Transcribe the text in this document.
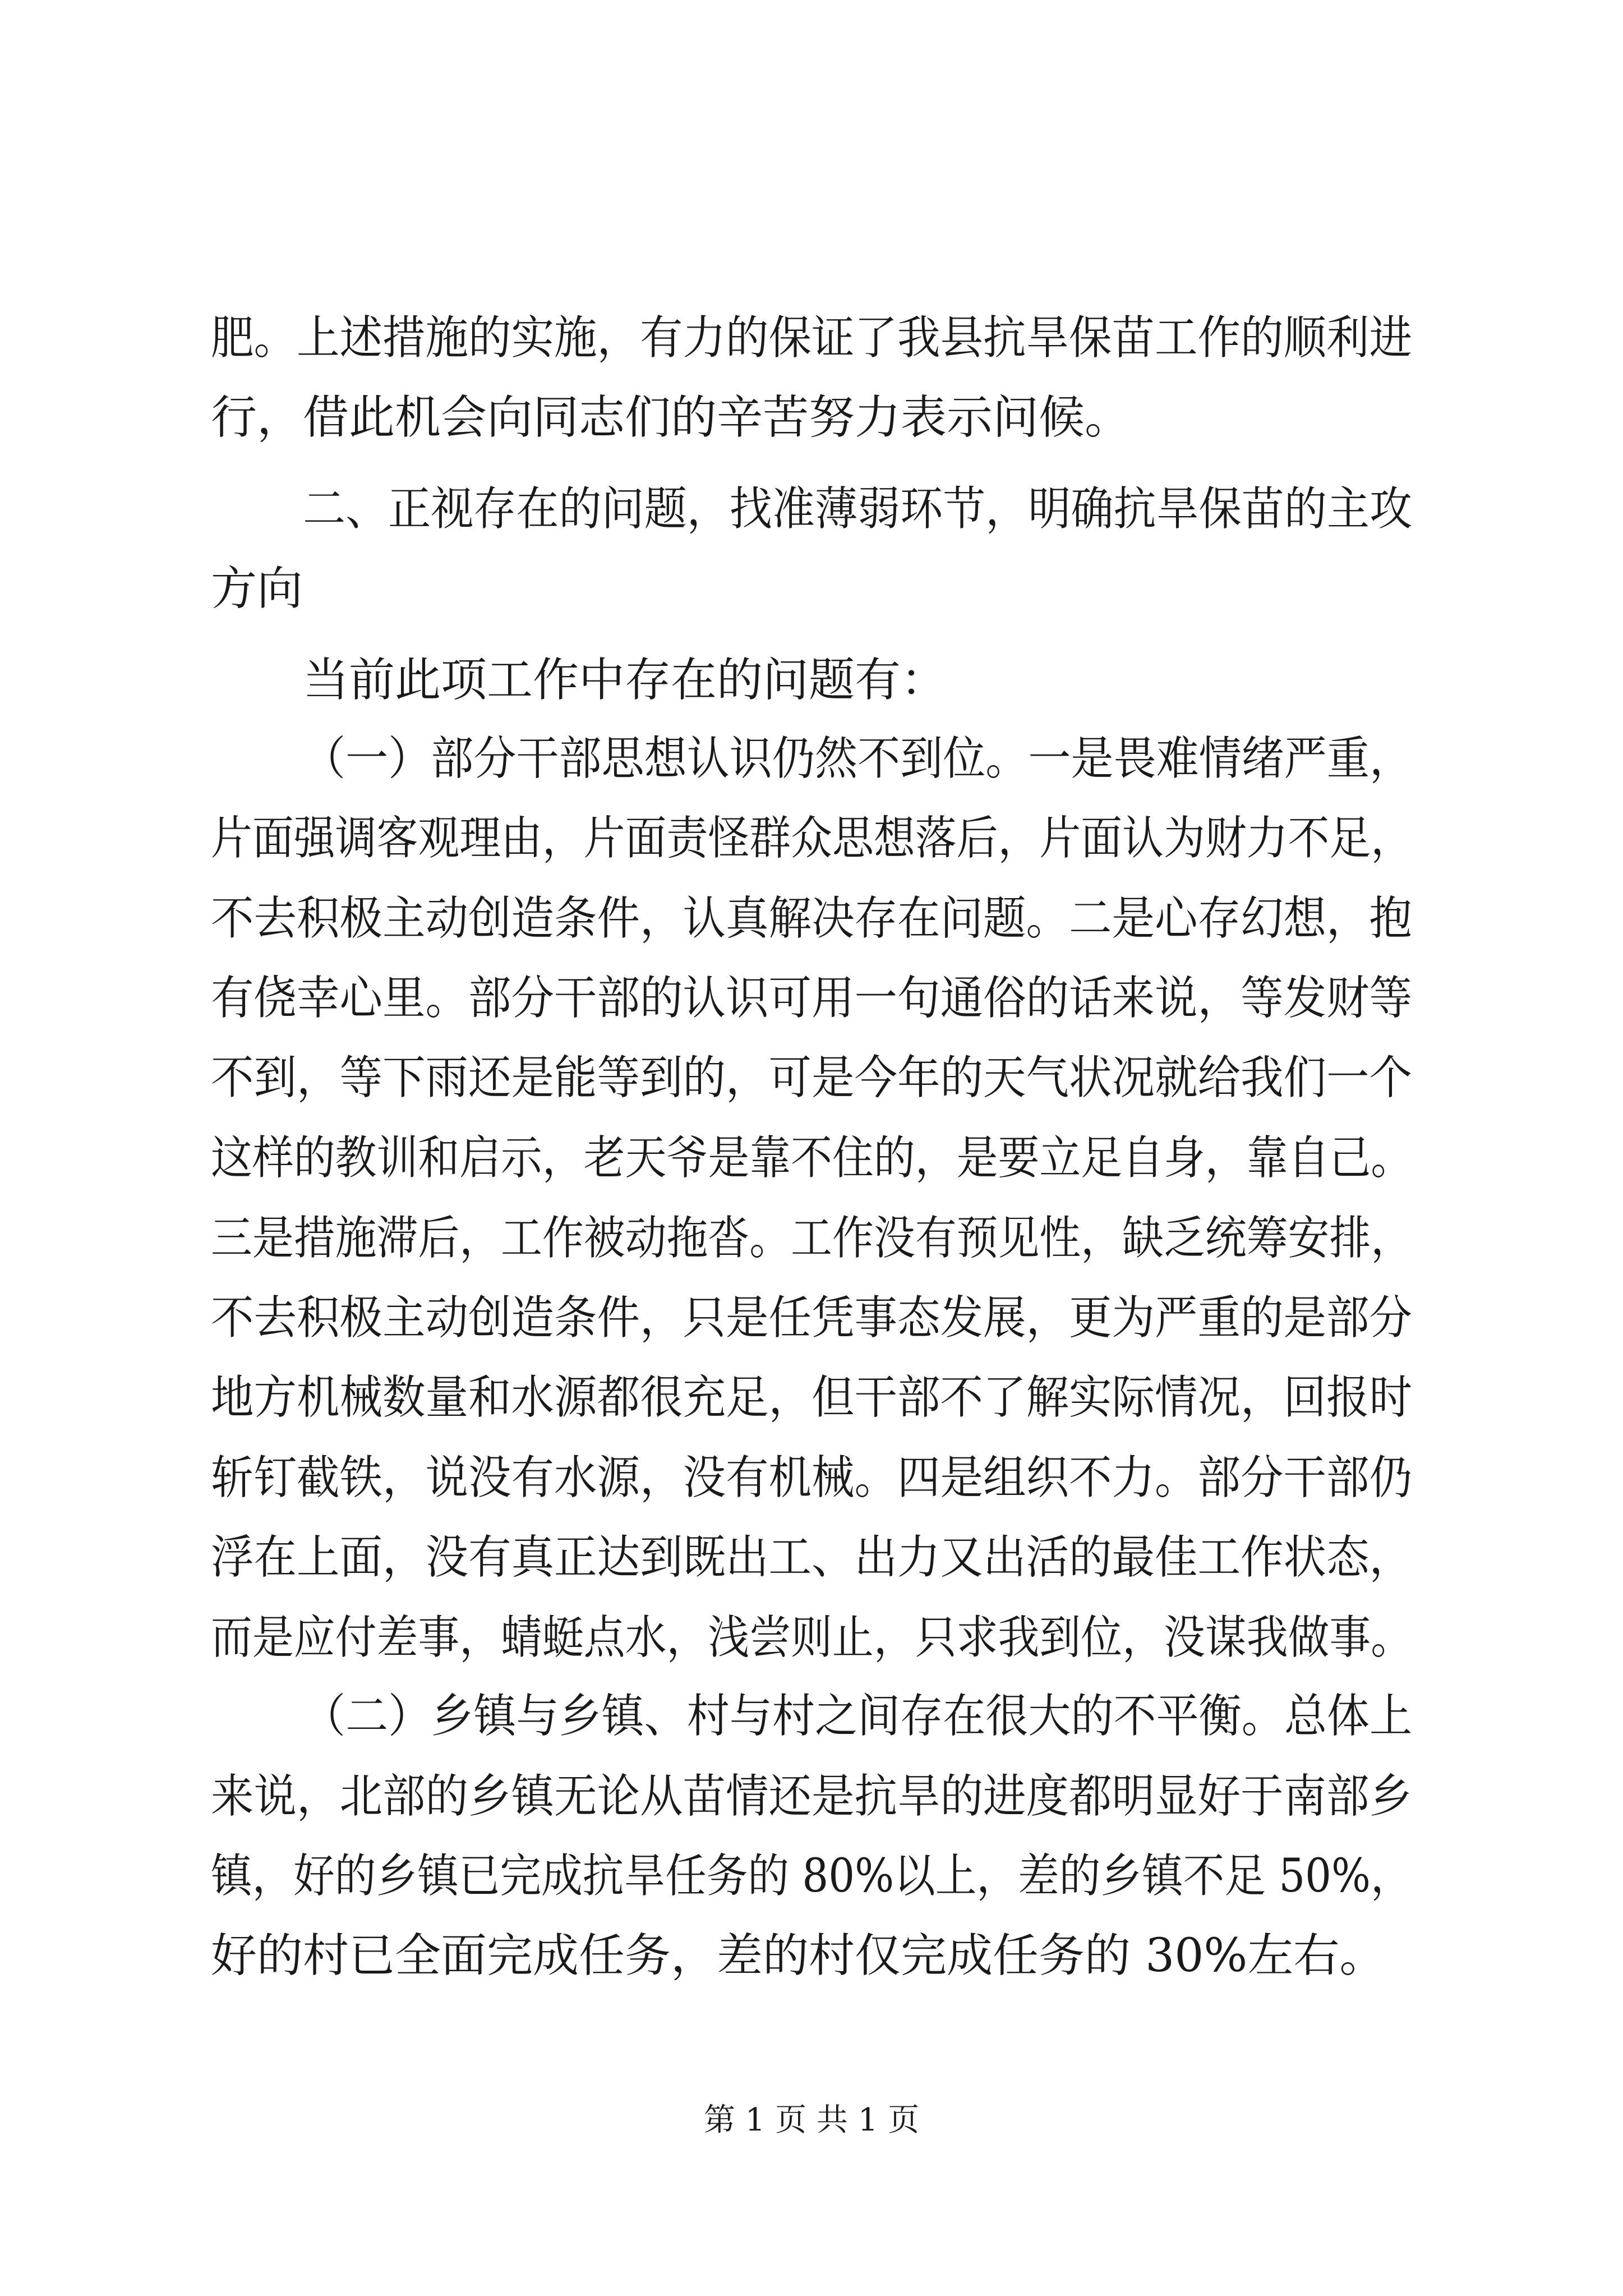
肥。上述措施的实施，有力的保证了我县抗旱保苗工作的顺利进
行，借此机会向同志们的辛苦努力表示问候。
二、正视存在的问题，找准薄弱环节，明确抗旱保苗的主攻
方向
当前此项工作中存在的问题有：
（一）部分干部思想认识仍然不到位。一是畏难情绪严重，
片面强调客观理由，片面责怪群众思想落后，片面认为财力不足，
不去积极主动创造条件，认真解决存在问题。二是心存幻想，抱
有侥幸心里。部分干部的认识可用一句通俗的话来说，等发财等
不到，等下雨还是能等到的，可是今年的天气状况就给我们一个
这样的教训和启示，老天爷是靠不住的，是要立足自身，靠自己。
三是措施滞后，工作被动拖沓。工作没有预见性，缺乏统筹安排，
不去积极主动创造条件，只是任凭事态发展，更为严重的是部分
地方机械数量和水源都很充足，但干部不了解实际情况，回报时
斩钉截铁，说没有水源，没有机械。四是组织不力。部分干部仍
浮在上面，没有真正达到既出工、出力又出活的最佳工作状态，
而是应付差事，蜻蜓点水，浅尝则止，只求我到位，没谋我做事。
（二）乡镇与乡镇、村与村之间存在很大的不平衡。总体上
来说，北部的乡镇无论从苗情还是抗旱的进度都明显好于南部乡
镇，好的乡镇已完成抗旱任务的 80%以上，差的乡镇不足 50%，
好的村已全面完成任务，差的村仅完成任务的 30%左右。
第 1 页 共 1 页
